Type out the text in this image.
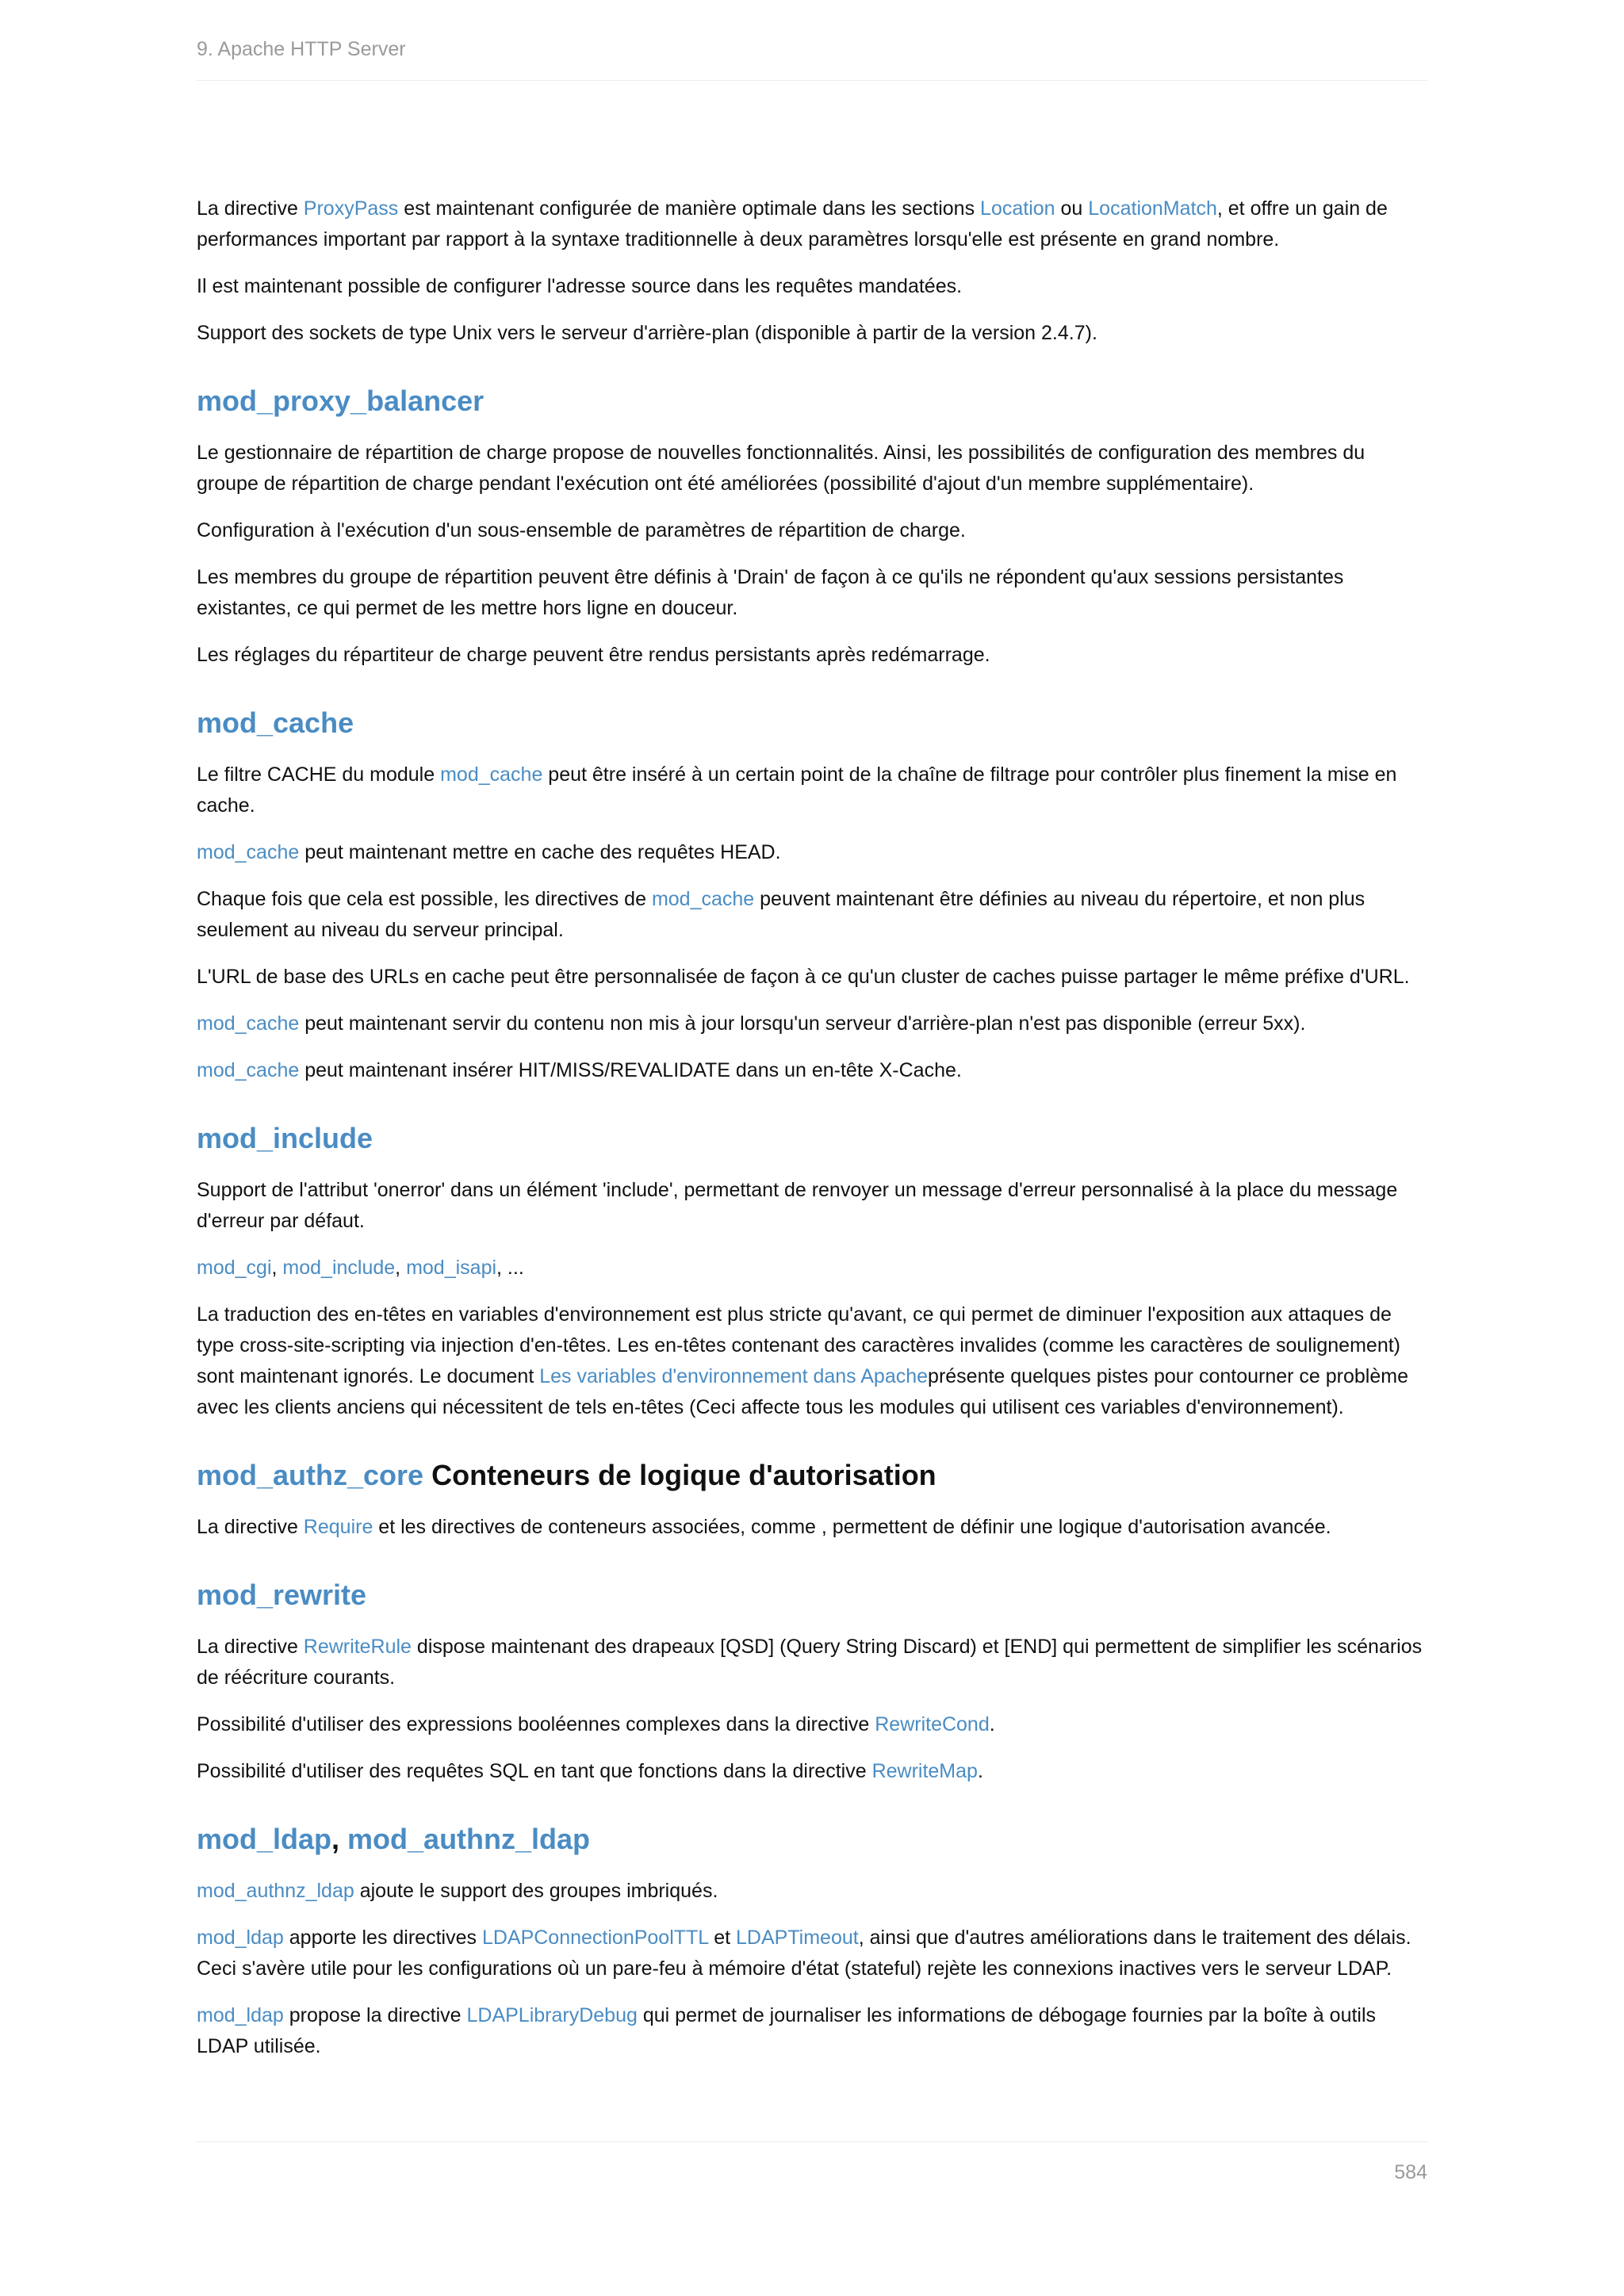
9. Apache HTTP Server

La directive ProxyPass est maintenant configurée de manière optimale dans les sections Location ou LocationMatch, et offre un gain de performances important par rapport à la syntaxe traditionnelle à deux paramètres lorsqu'elle est présente en grand nombre.

Il est maintenant possible de configurer l'adresse source dans les requêtes mandatées.

Support des sockets de type Unix vers le serveur d'arrière-plan (disponible à partir de la version 2.4.7).

mod_proxy_balancer

Le gestionnaire de répartition de charge propose de nouvelles fonctionnalités. Ainsi, les possibilités de configuration des membres du groupe de répartition de charge pendant l'exécution ont été améliorées (possibilité d'ajout d'un membre supplémentaire).

Configuration à l'exécution d'un sous-ensemble de paramètres de répartition de charge.

Les membres du groupe de répartition peuvent être définis à 'Drain' de façon à ce qu'ils ne répondent qu'aux sessions persistantes existantes, ce qui permet de les mettre hors ligne en douceur.

Les réglages du répartiteur de charge peuvent être rendus persistants après redémarrage.

mod_cache

Le filtre CACHE du module mod_cache peut être inséré à un certain point de la chaîne de filtrage pour contrôler plus finement la mise en cache.

mod_cache peut maintenant mettre en cache des requêtes HEAD.

Chaque fois que cela est possible, les directives de mod_cache peuvent maintenant être définies au niveau du répertoire, et non plus seulement au niveau du serveur principal.

L'URL de base des URLs en cache peut être personnalisée de façon à ce qu'un cluster de caches puisse partager le même préfixe d'URL.

mod_cache peut maintenant servir du contenu non mis à jour lorsqu'un serveur d'arrière-plan n'est pas disponible (erreur 5xx).

mod_cache peut maintenant insérer HIT/MISS/REVALIDATE dans un en-tête X-Cache.

mod_include

Support de l'attribut 'onerror' dans un élément 'include', permettant de renvoyer un message d'erreur personnalisé à la place du message d'erreur par défaut.

mod_cgi, mod_include, mod_isapi, ...

La traduction des en-têtes en variables d'environnement est plus stricte qu'avant, ce qui permet de diminuer l'exposition aux attaques de type cross-site-scripting via injection d'en-têtes. Les en-têtes contenant des caractères invalides (comme les caractères de soulignement) sont maintenant ignorés. Le document Les variables d'environnement dans Apacheprésente quelques pistes pour contourner ce problème avec les clients anciens qui nécessitent de tels en-têtes (Ceci affecte tous les modules qui utilisent ces variables d'environnement).

mod_authz_core Conteneurs de logique d'autorisation

La directive Require et les directives de conteneurs associées, comme , permettent de définir une logique d'autorisation avancée.

mod_rewrite

La directive RewriteRule dispose maintenant des drapeaux [QSD] (Query String Discard) et [END] qui permettent de simplifier les scénarios de réécriture courants.

Possibilité d'utiliser des expressions booléennes complexes dans la directive RewriteCond.

Possibilité d'utiliser des requêtes SQL en tant que fonctions dans la directive RewriteMap.

mod_ldap, mod_authnz_ldap

mod_authnz_ldap ajoute le support des groupes imbriqués.

mod_ldap apporte les directives LDAPConnectionPoolTTL et LDAPTimeout, ainsi que d'autres améliorations dans le traitement des délais. Ceci s'avère utile pour les configurations où un pare-feu à mémoire d'état (stateful) rejète les connexions inactives vers le serveur LDAP.

mod_ldap propose la directive LDAPLibraryDebug qui permet de journaliser les informations de débogage fournies par la boîte à outils LDAP utilisée.

584
